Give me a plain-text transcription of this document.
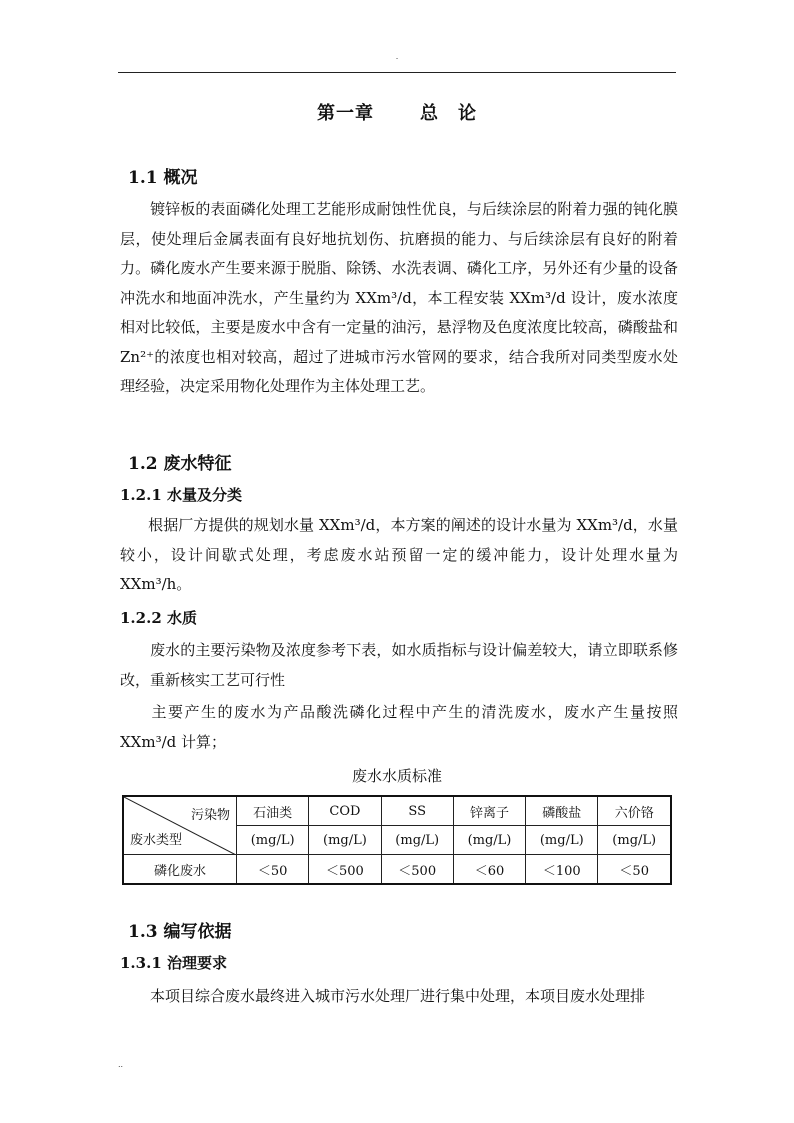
.
第一章	总　论
1.1 概况
镀锌板的表面磷化处理工艺能形成耐蚀性优良，与后续涂层的附着力强的钝化膜层，使处理后金属表面有良好地抗划伤、抗磨损的能力、与后续涂层有良好的附着力。磷化废水产生要来源于脱脂、除锈、水洗表调、磷化工序，另外还有少量的设备冲洗水和地面冲洗水，产生量约为 XXm³/d，本工程安装 XXm³/d 设计，废水浓度相对比较低，主要是废水中含有一定量的油污，悬浮物及色度浓度比较高，磷酸盐和 Zn²⁺的浓度也相对较高，超过了进城市污水管网的要求，结合我所对同类型废水处理经验，决定采用物化处理作为主体处理工艺。
1.2 废水特征
1.2.1 水量及分类
根据厂方提供的规划水量 XXm³/d，本方案的阐述的设计水量为 XXm³/d，水量较小，设计间歇式处理，考虑废水站预留一定的缓冲能力，设计处理水量为 XXm³/h。
1.2.2 水质
废水的主要污染物及浓度参考下表，如水质指标与设计偏差较大，请立即联系修改，重新核实工艺可行性
主要产生的废水为产品酸洗磷化过程中产生的清洗废水，废水产生量按照 XXm³/d 计算；
废水水质标准
污染物
废水类型	石油类	COD	SS	锌离子	磷酸盐	六价铬
	(mg/L)	(mg/L)	(mg/L)	(mg/L)	(mg/L)	(mg/L)
磷化废水	＜50	＜500	＜500	＜60	＜100	＜50
1.3 编写依据
1.3.1 治理要求
本项目综合废水最终进入城市污水处理厂进行集中处理，本项目废水处理排
..
